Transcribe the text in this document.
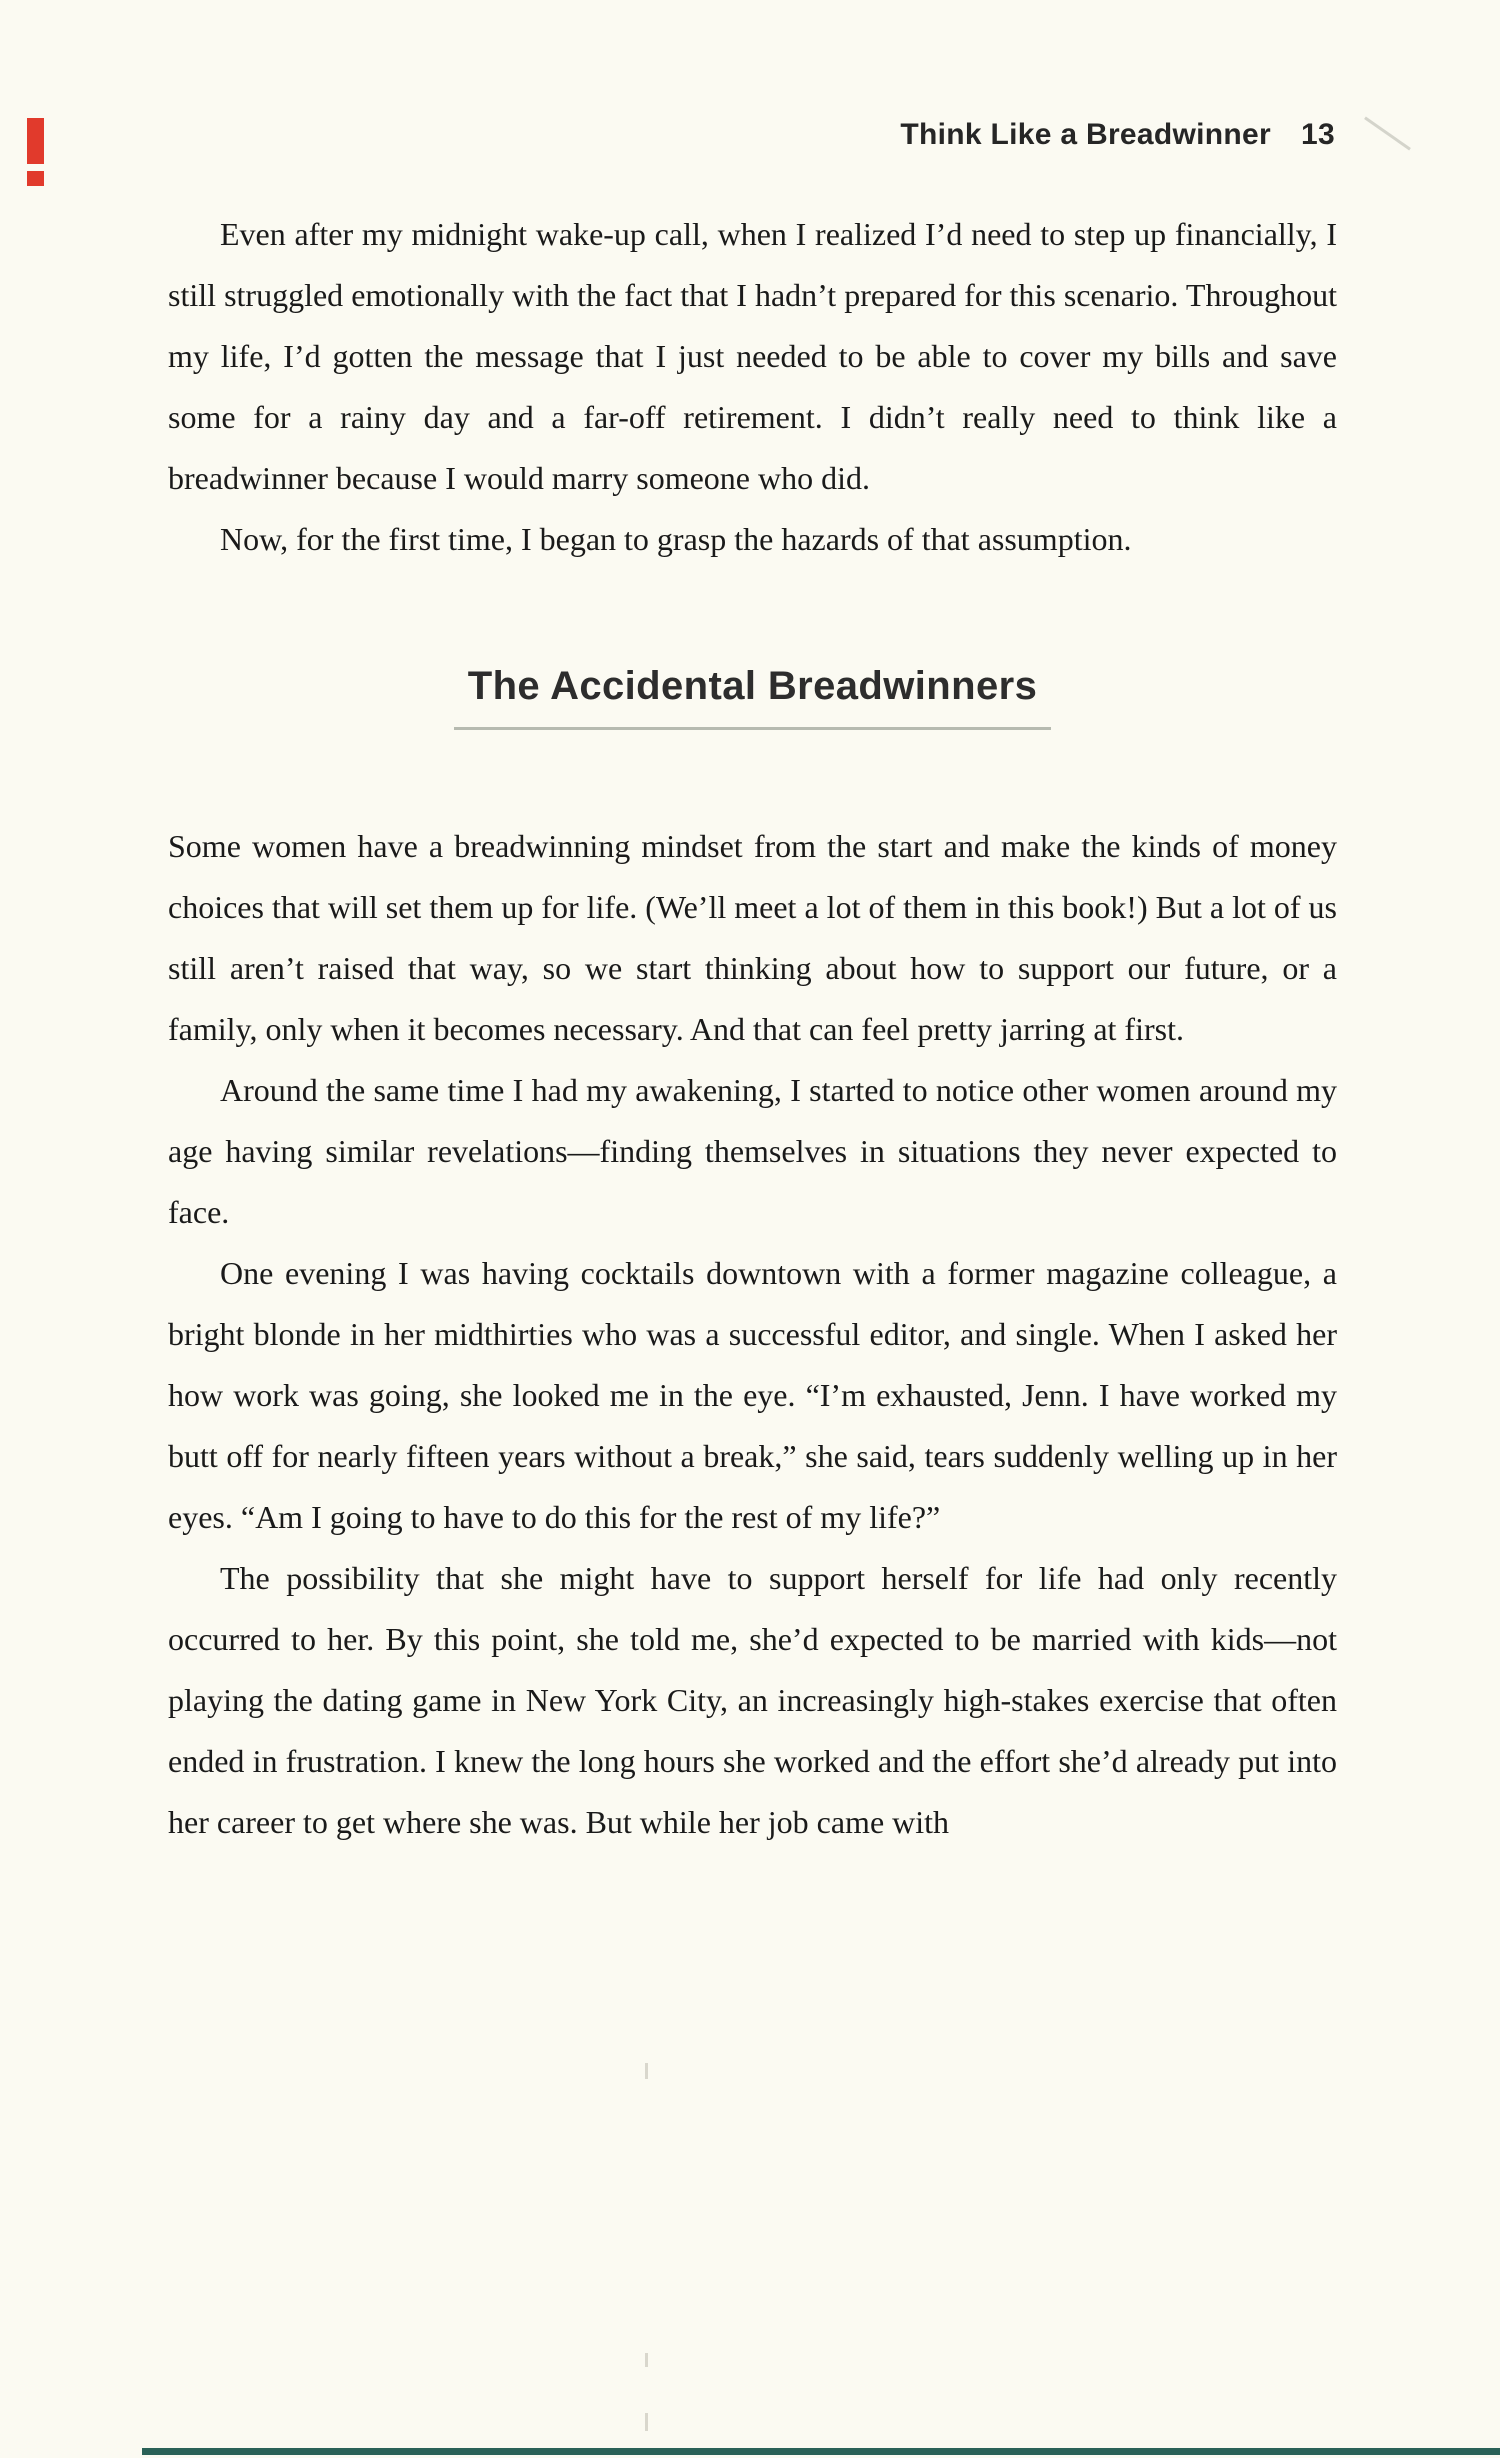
Think Like a Breadwinner 13

Even after my midnight wake-up call, when I realized I’d need to step up financially, I still struggled emotionally with the fact that I hadn’t prepared for this scenario. Throughout my life, I’d gotten the message that I just needed to be able to cover my bills and save some for a rainy day and a far-off retirement. I didn’t really need to think like a breadwinner because I would marry someone who did.

Now, for the first time, I began to grasp the hazards of that assumption.

The Accidental Breadwinners

Some women have a breadwinning mindset from the start and make the kinds of money choices that will set them up for life. (We’ll meet a lot of them in this book!) But a lot of us still aren’t raised that way, so we start thinking about how to support our future, or a family, only when it becomes necessary. And that can feel pretty jarring at first.

Around the same time I had my awakening, I started to notice other women around my age having similar revelations—finding themselves in situations they never expected to face.

One evening I was having cocktails downtown with a former magazine colleague, a bright blonde in her midthirties who was a successful editor, and single. When I asked her how work was going, she looked me in the eye. “I’m exhausted, Jenn. I have worked my butt off for nearly fifteen years without a break,” she said, tears suddenly welling up in her eyes. “Am I going to have to do this for the rest of my life?”

The possibility that she might have to support herself for life had only recently occurred to her. By this point, she told me, she’d expected to be married with kids—not playing the dating game in New York City, an increasingly high-stakes exercise that often ended in frustration. I knew the long hours she worked and the effort she’d already put into her career to get where she was. But while her job came with
